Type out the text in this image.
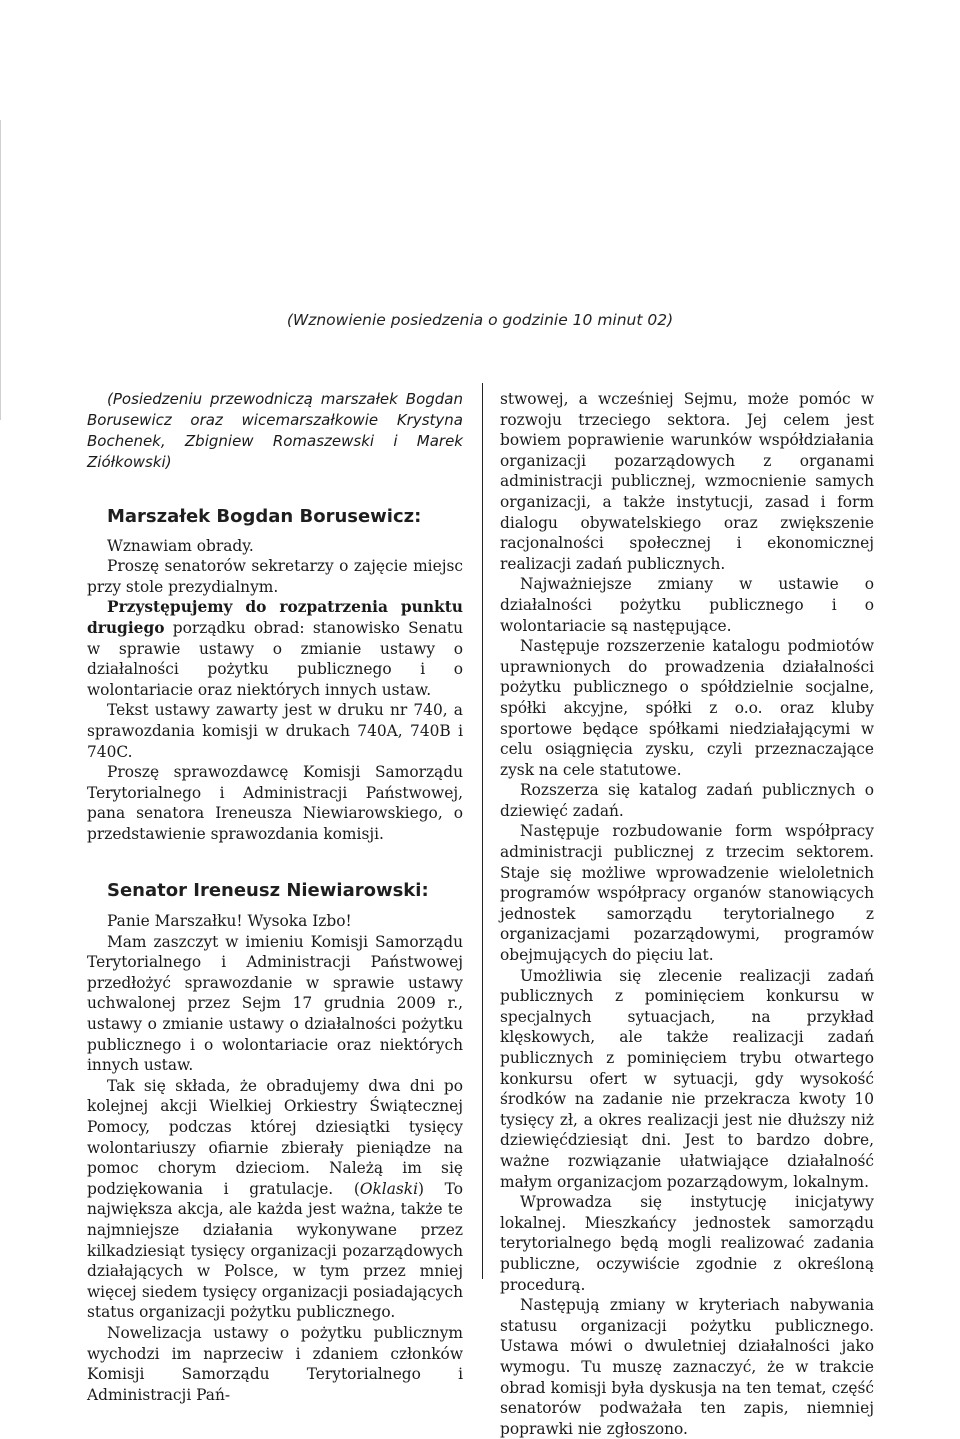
(Wznowienie posiedzenia o godzinie 10 minut 02)

(Posiedzeniu przewodniczą marszałek Bogdan Borusewicz oraz wicemarszałkowie Krystyna Bochenek, Zbigniew Romaszewski i Marek Ziółkowski)

Marszałek Bogdan Borusewicz:

Wznawiam obrady.

Proszę senatorów sekretarzy o zajęcie miejsc przy stole prezydialnym.

Przystępujemy do rozpatrzenia punktu drugiego porządku obrad: stanowisko Senatu w sprawie ustawy o zmianie ustawy o działalności pożytku publicznego i o wolontariacie oraz niektórych innych ustaw.

Tekst ustawy zawarty jest w druku nr 740, a sprawozdania komisji w drukach 740A, 740B i 740C.

Proszę sprawozdawcę Komisji Samorządu Terytorialnego i Administracji Państwowej, pana senatora Ireneusza Niewiarowskiego, o przedstawienie sprawozdania komisji.

Senator Ireneusz Niewiarowski:

Panie Marszałku! Wysoka Izbo!

Mam zaszczyt w imieniu Komisji Samorządu Terytorialnego i Administracji Państwowej przedłożyć sprawozdanie w sprawie ustawy uchwalonej przez Sejm 17 grudnia 2009 r., ustawy o zmianie ustawy o działalności pożytku publicznego i o wolontariacie oraz niektórych innych ustaw.

Tak się składa, że obradujemy dwa dni po kolejnej akcji Wielkiej Orkiestry Świątecznej Pomocy, podczas której dziesiątki tysięcy wolontariuszy ofiarnie zbierały pieniądze na pomoc chorym dzieciom. Należą im się podziękowania i gratulacje. (Oklaski) To największa akcja, ale każda jest ważna, także te najmniejsze działania wykonywane przez kilkadziesiąt tysięcy organizacji pozarządowych działających w Polsce, w tym przez mniej więcej siedem tysięcy organizacji posiadających status organizacji pożytku publicznego.

Nowelizacja ustawy o pożytku publicznym wychodzi im naprzeciw i zdaniem członków Komisji Samorządu Terytorialnego i Administracji Pań-

stwowej, a wcześniej Sejmu, może pomóc w rozwoju trzeciego sektora. Jej celem jest bowiem poprawienie warunków współdziałania organizacji pozarządowych z organami administracji publicznej, wzmocnienie samych organizacji, a także instytucji, zasad i form dialogu obywatelskiego oraz zwiększenie racjonalności społecznej i ekonomicznej realizacji zadań publicznych.

Najważniejsze zmiany w ustawie o działalności pożytku publicznego i o wolontariacie są następujące.

Następuje rozszerzenie katalogu podmiotów uprawnionych do prowadzenia działalności pożytku publicznego o spółdzielnie socjalne, spółki akcyjne, spółki z o.o. oraz kluby sportowe będące spółkami niedziałającymi w celu osiągnięcia zysku, czyli przeznaczające zysk na cele statutowe.

Rozszerza się katalog zadań publicznych o dziewięć zadań.

Następuje rozbudowanie form współpracy administracji publicznej z trzecim sektorem. Staje się możliwe wprowadzenie wieloletnich programów współpracy organów stanowiących jednostek samorządu terytorialnego z organizacjami pozarządowymi, programów obejmujących do pięciu lat.

Umożliwia się zlecenie realizacji zadań publicznych z pominięciem konkursu w specjalnych sytuacjach, na przykład klęskowych, ale także realizacji zadań publicznych z pominięciem trybu otwartego konkursu ofert w sytuacji, gdy wysokość środków na zadanie nie przekracza kwoty 10 tysięcy zł, a okres realizacji jest nie dłuższy niż dziewięćdziesiąt dni. Jest to bardzo dobre, ważne rozwiązanie ułatwiające działalność małym organizacjom pozarządowym, lokalnym.

Wprowadza się instytucję inicjatywy lokalnej. Mieszkańcy jednostek samorządu terytorialnego będą mogli realizować zadania publiczne, oczywiście zgodnie z określoną procedurą.

Następują zmiany w kryteriach nabywania statusu organizacji pożytku publicznego. Ustawa mówi o dwuletniej działalności jako wymogu. Tu muszę zaznaczyć, że w trakcie obrad komisji była dyskusja na ten temat, część senatorów podważała ten zapis, niemniej poprawki nie zgłoszono.
